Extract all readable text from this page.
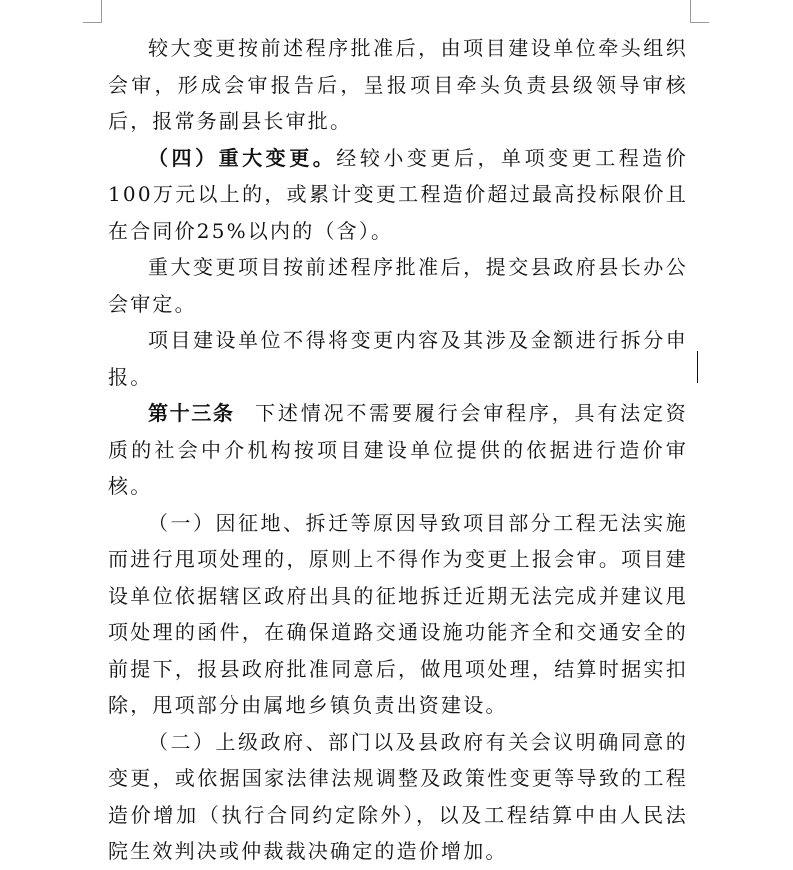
较大变更按前述程序批准后，由项目建设单位牵头组织会审，形成会审报告后，呈报项目牵头负责县级领导审核后，报常务副县长审批。

（四）重大变更。经较小变更后，单项变更工程造价100万元以上的，或累计变更工程造价超过最高投标限价且在合同价25%以内的（含）。

重大变更项目按前述程序批准后，提交县政府县长办公会审定。

项目建设单位不得将变更内容及其涉及金额进行拆分申报。

第十三条 下述情况不需要履行会审程序，具有法定资质的社会中介机构按项目建设单位提供的依据进行造价审核。

（一）因征地、拆迁等原因导致项目部分工程无法实施而进行甩项处理的，原则上不得作为变更上报会审。项目建设单位依据辖区政府出具的征地拆迁近期无法完成并建议甩项处理的函件，在确保道路交通设施功能齐全和交通安全的前提下，报县政府批准同意后，做甩项处理，结算时据实扣除，甩项部分由属地乡镇负责出资建设。

（二）上级政府、部门以及县政府有关会议明确同意的变更，或依据国家法律法规调整及政策性变更等导致的工程造价增加（执行合同约定除外），以及工程结算中由人民法院生效判决或仲裁裁决确定的造价增加。
